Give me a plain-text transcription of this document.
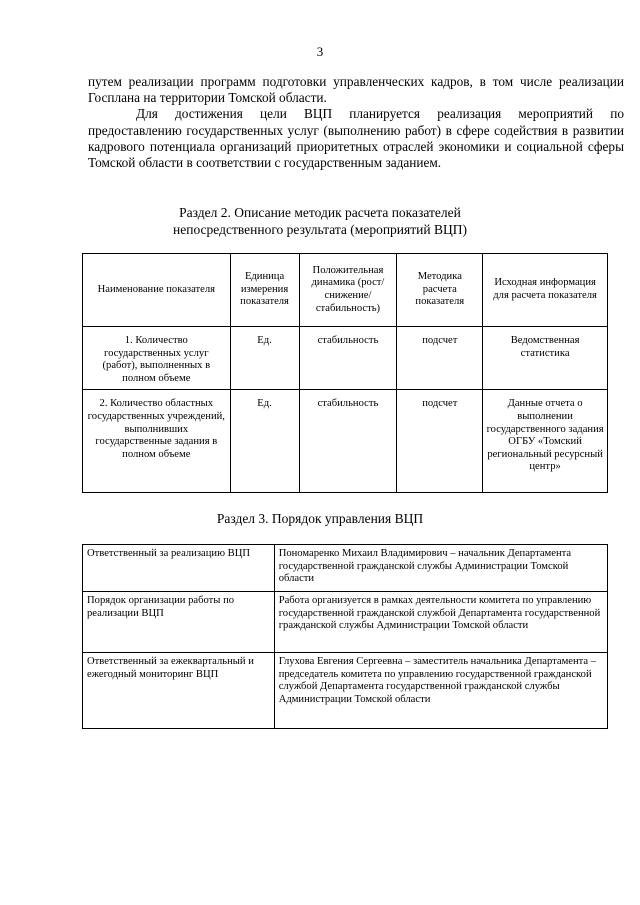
3

путем реализации программ подготовки управленческих кадров, в том числе реализации Госплана на территории Томской области.

Для достижения цели ВЦП планируется реализация мероприятий по предоставлению государственных услуг (выполнению работ) в сфере содействия в развитии кадрового потенциала организаций приоритетных отраслей экономики и социальной сферы Томской области в соответствии с государственным заданием.

Раздел 2. Описание методик расчета показателей
непосредственного результата (мероприятий ВЦП)
Наименование показателя	Единица измерения показателя	Положительная динамика (рост/снижение/ стабильность)	Методика расчета показателя	Исходная информация для расчета показателя
1. Количество государственных услуг (работ), выполненных в полном объеме	Ед.	стабильность	подсчет	Ведомственная статистика
2. Количество областных государственных учреждений, выполнивших государственные задания в полном объеме	Ед.	стабильность	подсчет	Данные отчета о выполнении государственного задания ОГБУ «Томский региональный ресурсный центр»
Раздел 3. Порядок управления ВЦП
Ответственный за реализацию ВЦП	Пономаренко Михаил Владимирович – начальник Департамента государственной гражданской службы Администрации Томской области
Порядок организации работы по реализации ВЦП	Работа организуется в рамках деятельности комитета по управлению государственной гражданской службой Департамента государственной гражданской службы Администрации Томской области
Ответственный за ежеквартальный и ежегодный мониторинг ВЦП	Глухова Евгения Сергеевна – заместитель начальника Департамента – председатель комитета по управлению государственной гражданской службой Департамента государственной гражданской службы Администрации Томской области
